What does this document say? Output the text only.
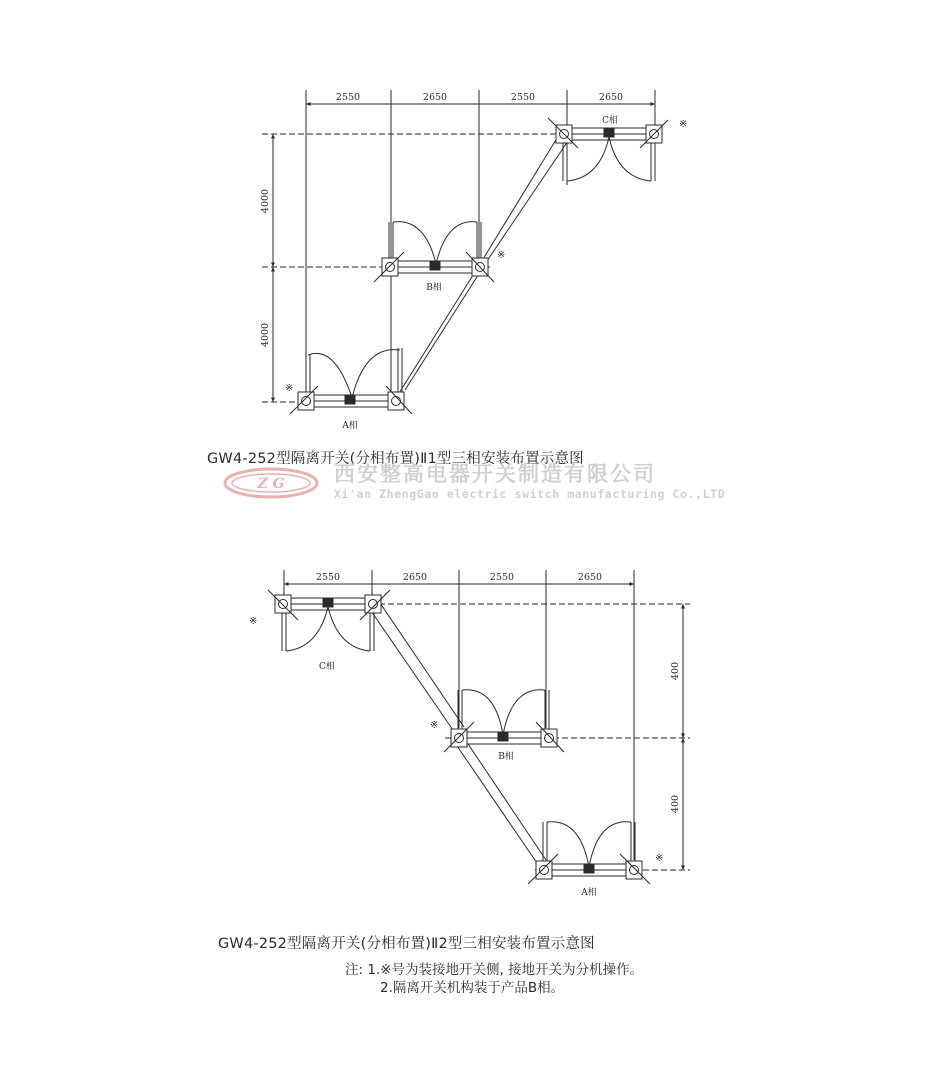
2550	2650	2550	2650
4000
4000
C相
B相
A相
※
※
※
2550	2650	2550	2650
400
400
C相
B相
A相
※
※
※
GW4-252型隔离开关(分相布置)Ⅱ1型三相安装布置示意图
Z G 西安整高电器开关制造有限公司
Xi'an ZhengGao electric switch manufacturing Co.,LTD
GW4-252型隔离开关(分相布置)Ⅱ2型三相安装布置示意图
注: 1.※号为装接地开关侧, 接地开关为分机操作。
2.隔离开关机构装于产品B相。
